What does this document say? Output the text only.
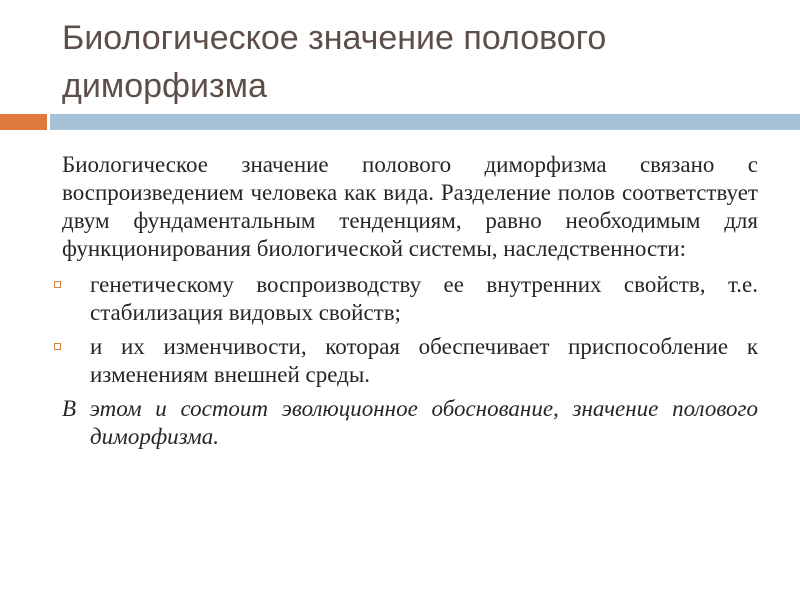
Биологическое значение полового диморфизма

Биологическое значение полового диморфизма связано с воспроизведением человека как вида. Разделение полов соответствует двум фундаментальным тенденциям, равно необходимым для функционирования биологической системы, наследственности:

генетическому воспроизводству ее внутренних свойств, т.е. стабилизация видовых свойств;
и их изменчивости, которая обеспечивает приспособление к изменениям внешней среды.

В этом и состоит эволюционное обоснование, значение полового диморфизма.
